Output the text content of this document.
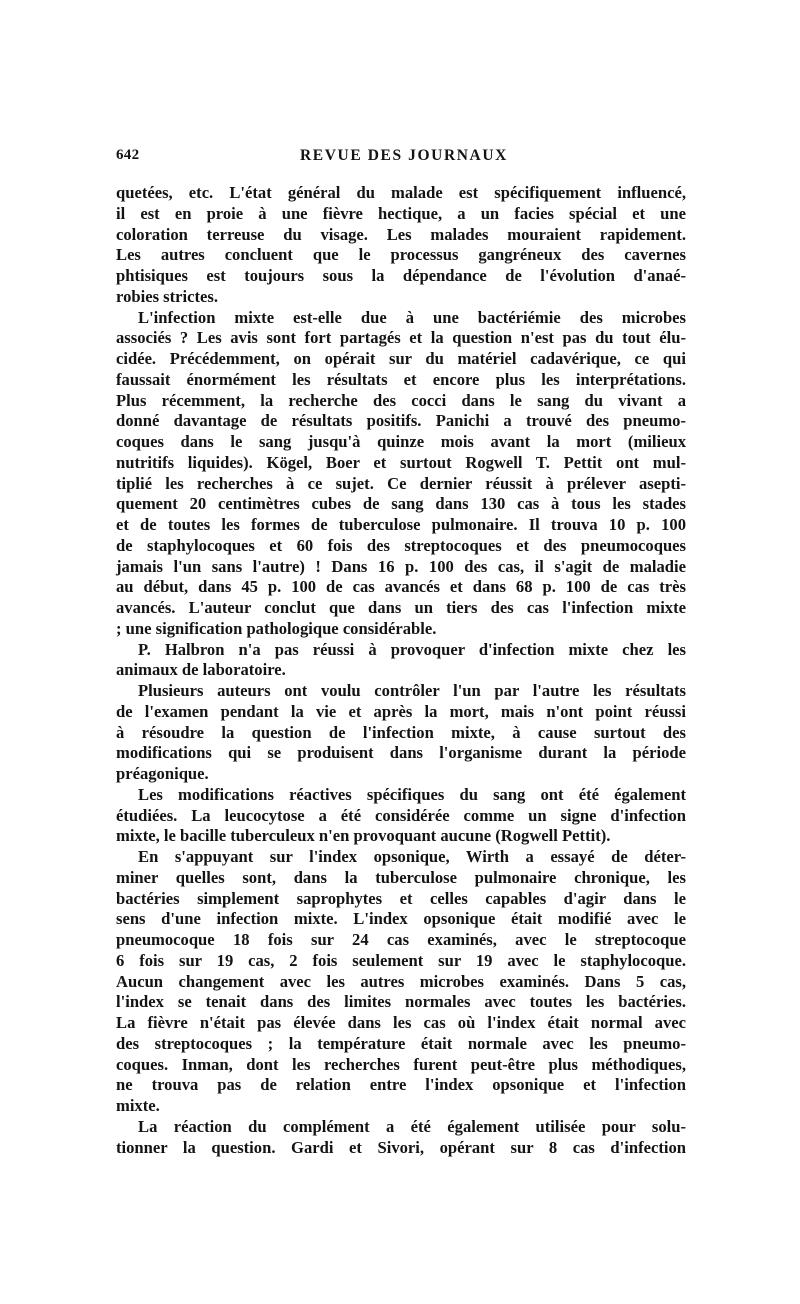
642	REVUE DES JOURNAUX
quetées, etc. L'état général du malade est spécifiquement influencé,
il est en proie à une fièvre hectique, a un facies spécial et une
coloration terreuse du visage. Les malades mouraient rapidement.
Les autres concluent que le processus gangréneux des cavernes
phtisiques est toujours sous la dépendance de l'évolution d'anaé-
robies strictes.
L'infection mixte est-elle due à une bactériémie des microbes
associés ? Les avis sont fort partagés et la question n'est pas du tout élu-
cidée. Précédemment, on opérait sur du matériel cadavérique, ce qui
faussait énormément les résultats et encore plus les interprétations.
Plus récemment, la recherche des cocci dans le sang du vivant a
donné davantage de résultats positifs. Panichi a trouvé des pneumo-
coques dans le sang jusqu'à quinze mois avant la mort (milieux
nutritifs liquides). Kögel, Boer et surtout Rogwell T. Pettit ont mul-
tiplié les recherches à ce sujet. Ce dernier réussit à prélever asepti-
quement 20 centimètres cubes de sang dans 130 cas à tous les stades
et de toutes les formes de tuberculose pulmonaire. Il trouva 10 p. 100
de staphylocoques et 60 fois des streptocoques et des pneumocoques
jamais l'un sans l'autre) ! Dans 16 p. 100 des cas, il s'agit de maladie
au début, dans 45 p. 100 de cas avancés et dans 68 p. 100 de cas très
avancés. L'auteur conclut que dans un tiers des cas l'infection mixte
; une signification pathologique considérable.
P. Halbron n'a pas réussi à provoquer d'infection mixte chez les
animaux de laboratoire.
Plusieurs auteurs ont voulu contrôler l'un par l'autre les résultats
de l'examen pendant la vie et après la mort, mais n'ont point réussi
à résoudre la question de l'infection mixte, à cause surtout des
modifications qui se produisent dans l'organisme durant la période
préagonique.
Les modifications réactives spécifiques du sang ont été également
étudiées. La leucocytose a été considérée comme un signe d'infection
mixte, le bacille tuberculeux n'en provoquant aucune (Rogwell Pettit).
En s'appuyant sur l'index opsonique, Wirth a essayé de déter-
miner quelles sont, dans la tuberculose pulmonaire chronique, les
bactéries simplement saprophytes et celles capables d'agir dans le
sens d'une infection mixte. L'index opsonique était modifié avec le
pneumocoque 18 fois sur 24 cas examinés, avec le streptocoque
6 fois sur 19 cas, 2 fois seulement sur 19 avec le staphylocoque.
Aucun changement avec les autres microbes examinés. Dans 5 cas,
l'index se tenait dans des limites normales avec toutes les bactéries.
La fièvre n'était pas élevée dans les cas où l'index était normal avec
des streptocoques ; la température était normale avec les pneumo-
coques. Inman, dont les recherches furent peut-être plus méthodiques,
ne trouva pas de relation entre l'index opsonique et l'infection
mixte.
La réaction du complément a été également utilisée pour solu-
tionner la question. Gardi et Sivori, opérant sur 8 cas d'infection
